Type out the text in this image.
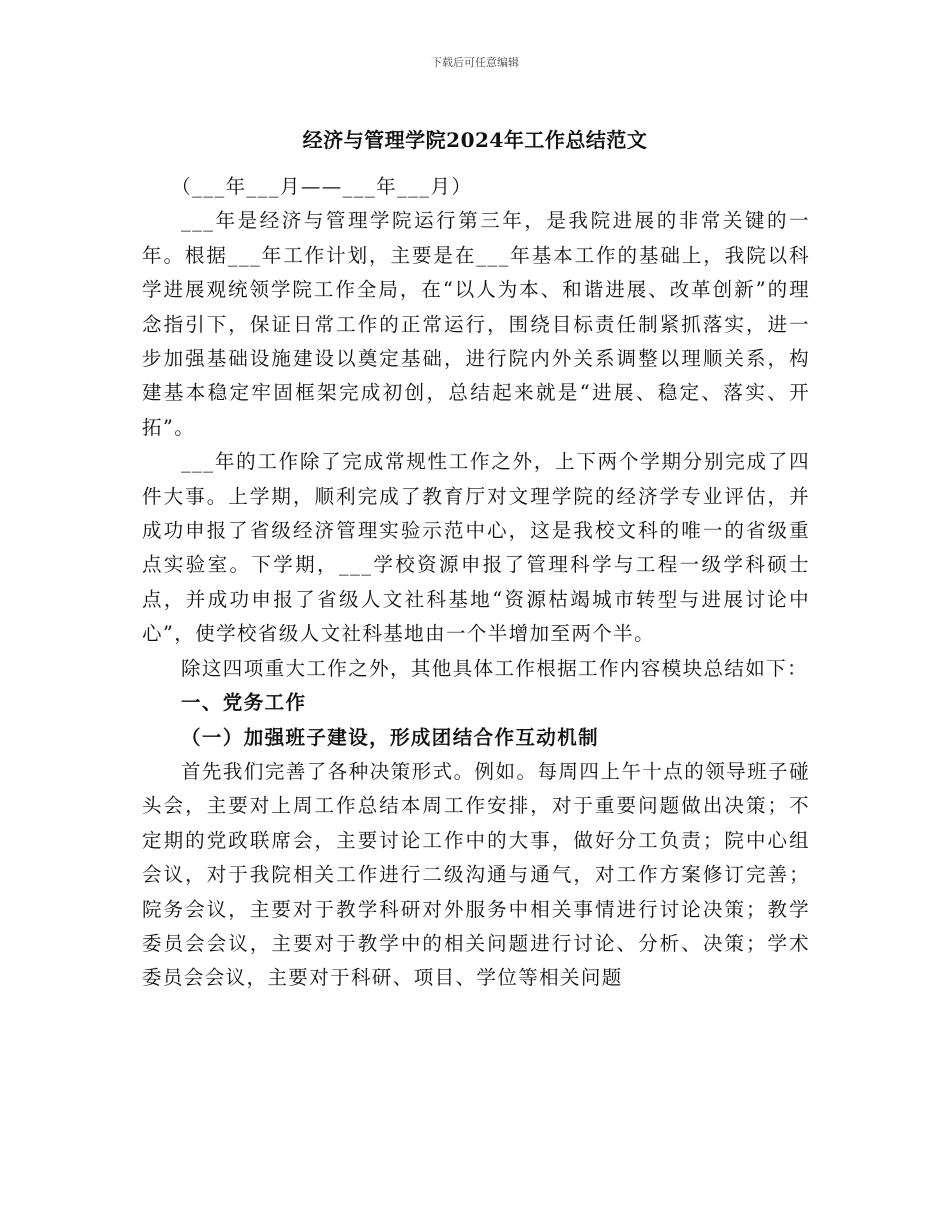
下载后可任意编辑
经济与管理学院2024年工作总结范文

（___年___月——___年___月）

___年是经济与管理学院运行第三年，是我院进展的非常关键的一年。根据___年工作计划，主要是在___年基本工作的基础上，我院以科学进展观统领学院工作全局，在“以人为本、和谐进展、改革创新”的理念指引下，保证日常工作的正常运行，围绕目标责任制紧抓落实，进一步加强基础设施建设以奠定基础，进行院内外关系调整以理顺关系，构建基本稳定牢固框架完成初创，总结起来就是“进展、稳定、落实、开拓”。

___年的工作除了完成常规性工作之外，上下两个学期分别完成了四件大事。上学期，顺利完成了教育厅对文理学院的经济学专业评估，并成功申报了省级经济管理实验示范中心，这是我校文科的唯一的省级重点实验室。下学期，___学校资源申报了管理科学与工程一级学科硕士点，并成功申报了省级人文社科基地“资源枯竭城市转型与进展讨论中心”，使学校省级人文社科基地由一个半增加至两个半。

除这四项重大工作之外，其他具体工作根据工作内容模块总结如下：

一、党务工作
（一）加强班子建设，形成团结合作互动机制

首先我们完善了各种决策形式。例如。每周四上午十点的领导班子碰头会，主要对上周工作总结本周工作安排，对于重要问题做出决策；不定期的党政联席会，主要讨论工作中的大事，做好分工负责；院中心组会议，对于我院相关工作进行二级沟通与通气，对工作方案修订完善；院务会议，主要对于教学科研对外服务中相关事情进行讨论决策；教学委员会会议，主要对于教学中的相关问题进行讨论、分析、决策；学术委员会会议，主要对于科研、项目、学位等相关问题
